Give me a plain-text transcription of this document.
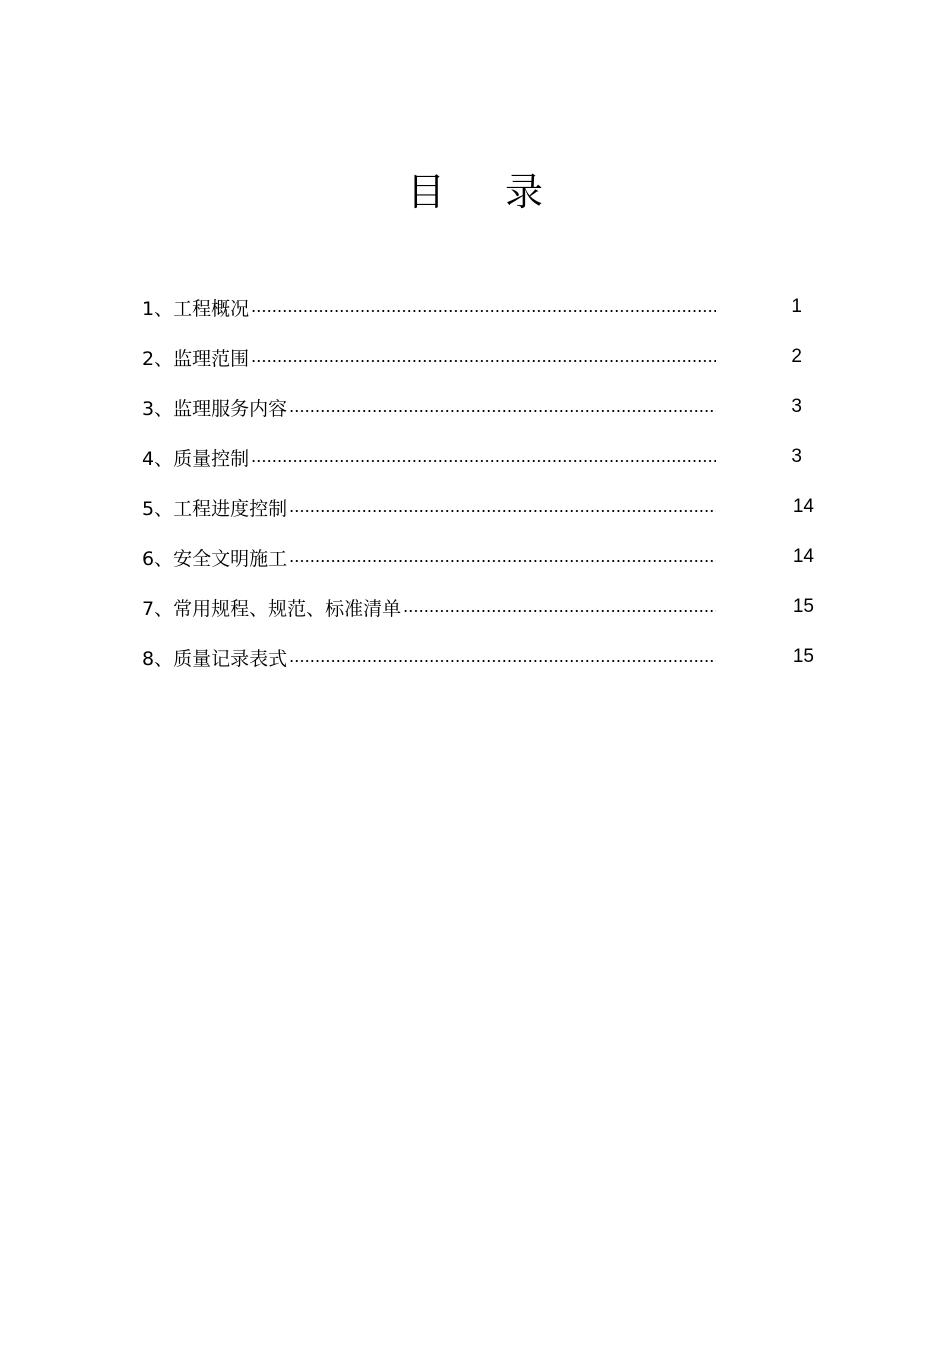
目 录
1、工程概况	1
2、监理范围	2
3、监理服务内容	3
4、质量控制	3
5、工程进度控制	14
6、安全文明施工	14
7、常用规程、规范、标准清单	15
8、质量记录表式	15
